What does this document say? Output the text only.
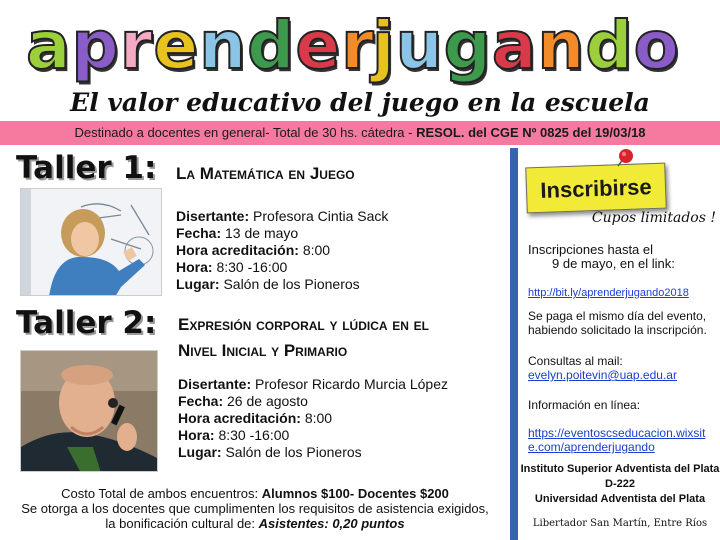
aprender
jugando
El valor educativo del juego en la escuela
Destinado a docentes en general- Total de 30 hs. cátedra - RESOL. del CGE Nº 0825 del 19/03/18
Taller 1: La Matemática en Juego
Disertante: Profesora Cintia Sack
Fecha: 13 de mayo
Hora acreditación: 8:00
Hora: 8:30 -16:00
Lugar: Salón de los Pioneros
Taller 2: Expresión corporal y lúdica en el
Nivel Inicial y Primario
Disertante: Profesor Ricardo Murcia López
Fecha: 26 de agosto
Hora acreditación: 8:00
Hora: 8:30 -16:00
Lugar: Salón de los Pioneros
Costo Total de ambos encuentros: Alumnos $100- Docentes $200
Se otorga a los docentes que cumplimenten los requisitos de asistencia exigidos,
la bonificación cultural de: Asistentes: 0,20 puntos
Inscribirse
Cupos limitados !
Inscripciones hasta el
9 de mayo, en el link:
http://bit.ly/aprenderjugando2018
Se paga el mismo día del evento,
habiendo solicitado la inscripción.
Consultas al mail:
evelyn.poitevin@uap.edu.ar
Información en línea:
https://eventoscseducacion.wixsit
e.com/aprenderjugando
Instituto Superior Adventista del Plata
D-222
Universidad Adventista del Plata
Libertador San Martín, Entre Ríos
